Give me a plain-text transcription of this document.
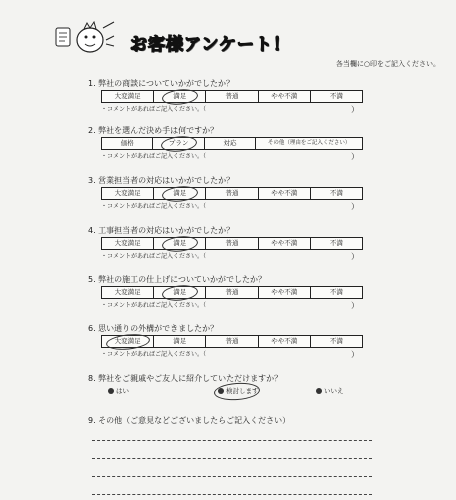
お客様アンケート！
各当欄に○印をご記入ください。
1. 弊社の商談についていかがでしたか？
大変満足	満足	普通	やや不満	不満
・コメントがあればご記入ください。（	）
2. 弊社を選んだ決め手は何ですか？
価格	プラン	対応	その他（理由をご記入ください）
・コメントがあればご記入ください。（	）
3. 営業担当者の対応はいかがでしたか？
大変満足	満足	普通	やや不満	不満
・コメントがあればご記入ください。（	）
4. 工事担当者の対応はいかがでしたか？
大変満足	満足	普通	やや不満	不満
・コメントがあればご記入ください。（	）
5. 弊社の施工の仕上げについていかがでしたか？
大変満足	満足	普通	やや不満	不満
・コメントがあればご記入ください。（	）
6. 思い通りの外構ができましたか？
大変満足	満足	普通	やや不満	不満
・コメントがあればご記入ください。（	）
8. 弊社をご親戚やご友人に紹介していただけますか？
はい	検討します	いいえ
9. その他（ご意見などございましたらご記入ください）
